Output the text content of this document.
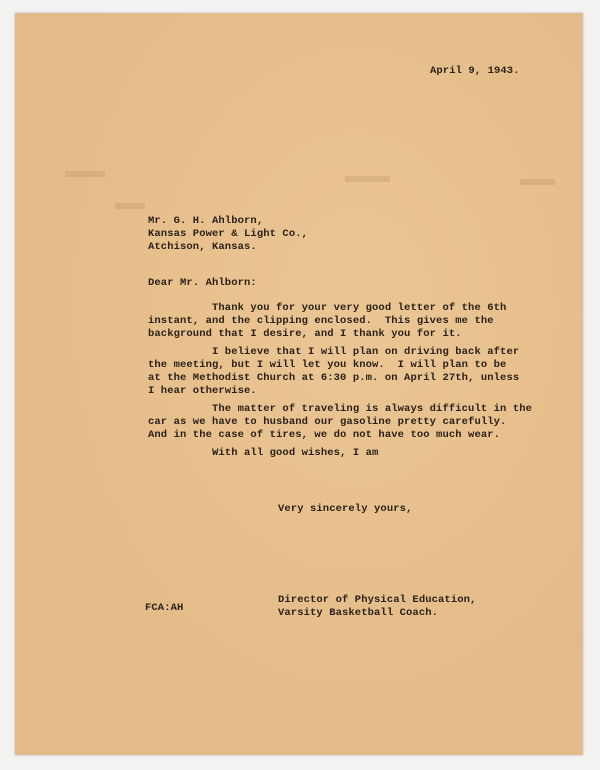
April 9, 1943.
Mr. G. H. Ahlborn,
Kansas Power & Light Co.,
Atchison, Kansas.
Dear Mr. Ahlborn:
Thank you for your very good letter of the 6th
instant, and the clipping enclosed.  This gives me the
background that I desire, and I thank you for it.
I believe that I will plan on driving back after
the meeting, but I will let you know.  I will plan to be
at the Methodist Church at 6:30 p.m. on April 27th, unless
I hear otherwise.
The matter of traveling is always difficult in the
car as we have to husband our gasoline pretty carefully.
And in the case of tires, we do not have too much wear.
With all good wishes, I am
Very sincerely yours,
Director of Physical Education,
Varsity Basketball Coach.
FCA:AH
